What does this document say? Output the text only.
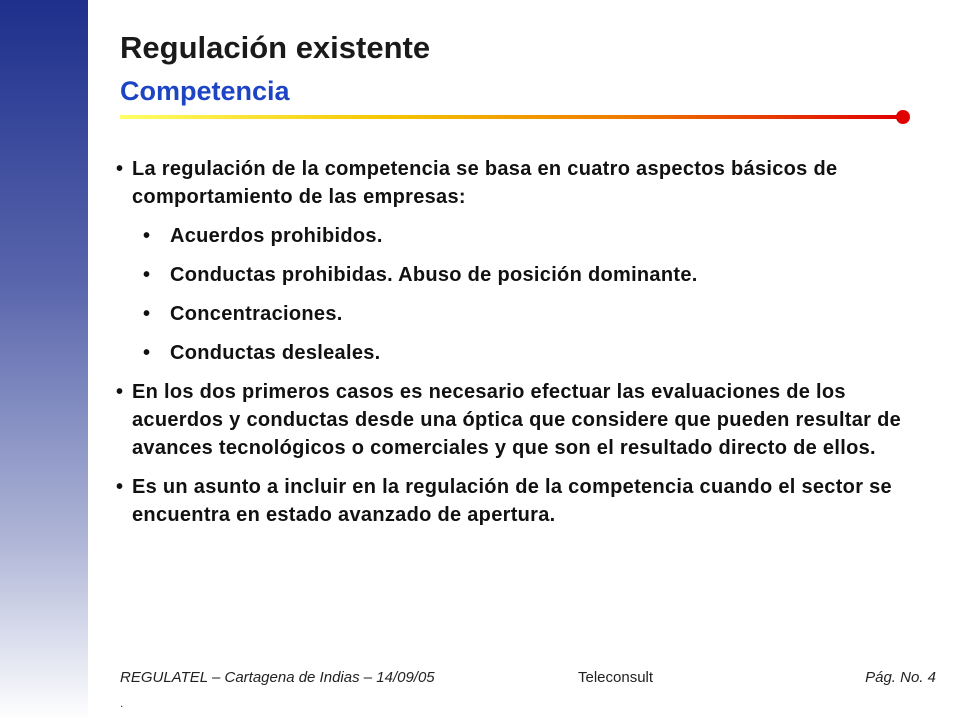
Regulación existente
Competencia
• La regulación de la competencia se basa en cuatro aspectos básicos de comportamiento de las empresas:
• Acuerdos prohibidos.
• Conductas prohibidas. Abuso de posición dominante.
• Concentraciones.
• Conductas desleales.
• En los dos primeros casos es necesario efectuar las evaluaciones de los acuerdos y conductas desde una óptica que considere que pueden resultar de avances tecnológicos o comerciales y que son el resultado directo de ellos.
• Es un asunto a incluir en la regulación de la competencia cuando el sector se encuentra en estado avanzado de apertura.
REGULATEL – Cartagena de Indias – 14/09/05	Teleconsult	Pág. No. 4
.
